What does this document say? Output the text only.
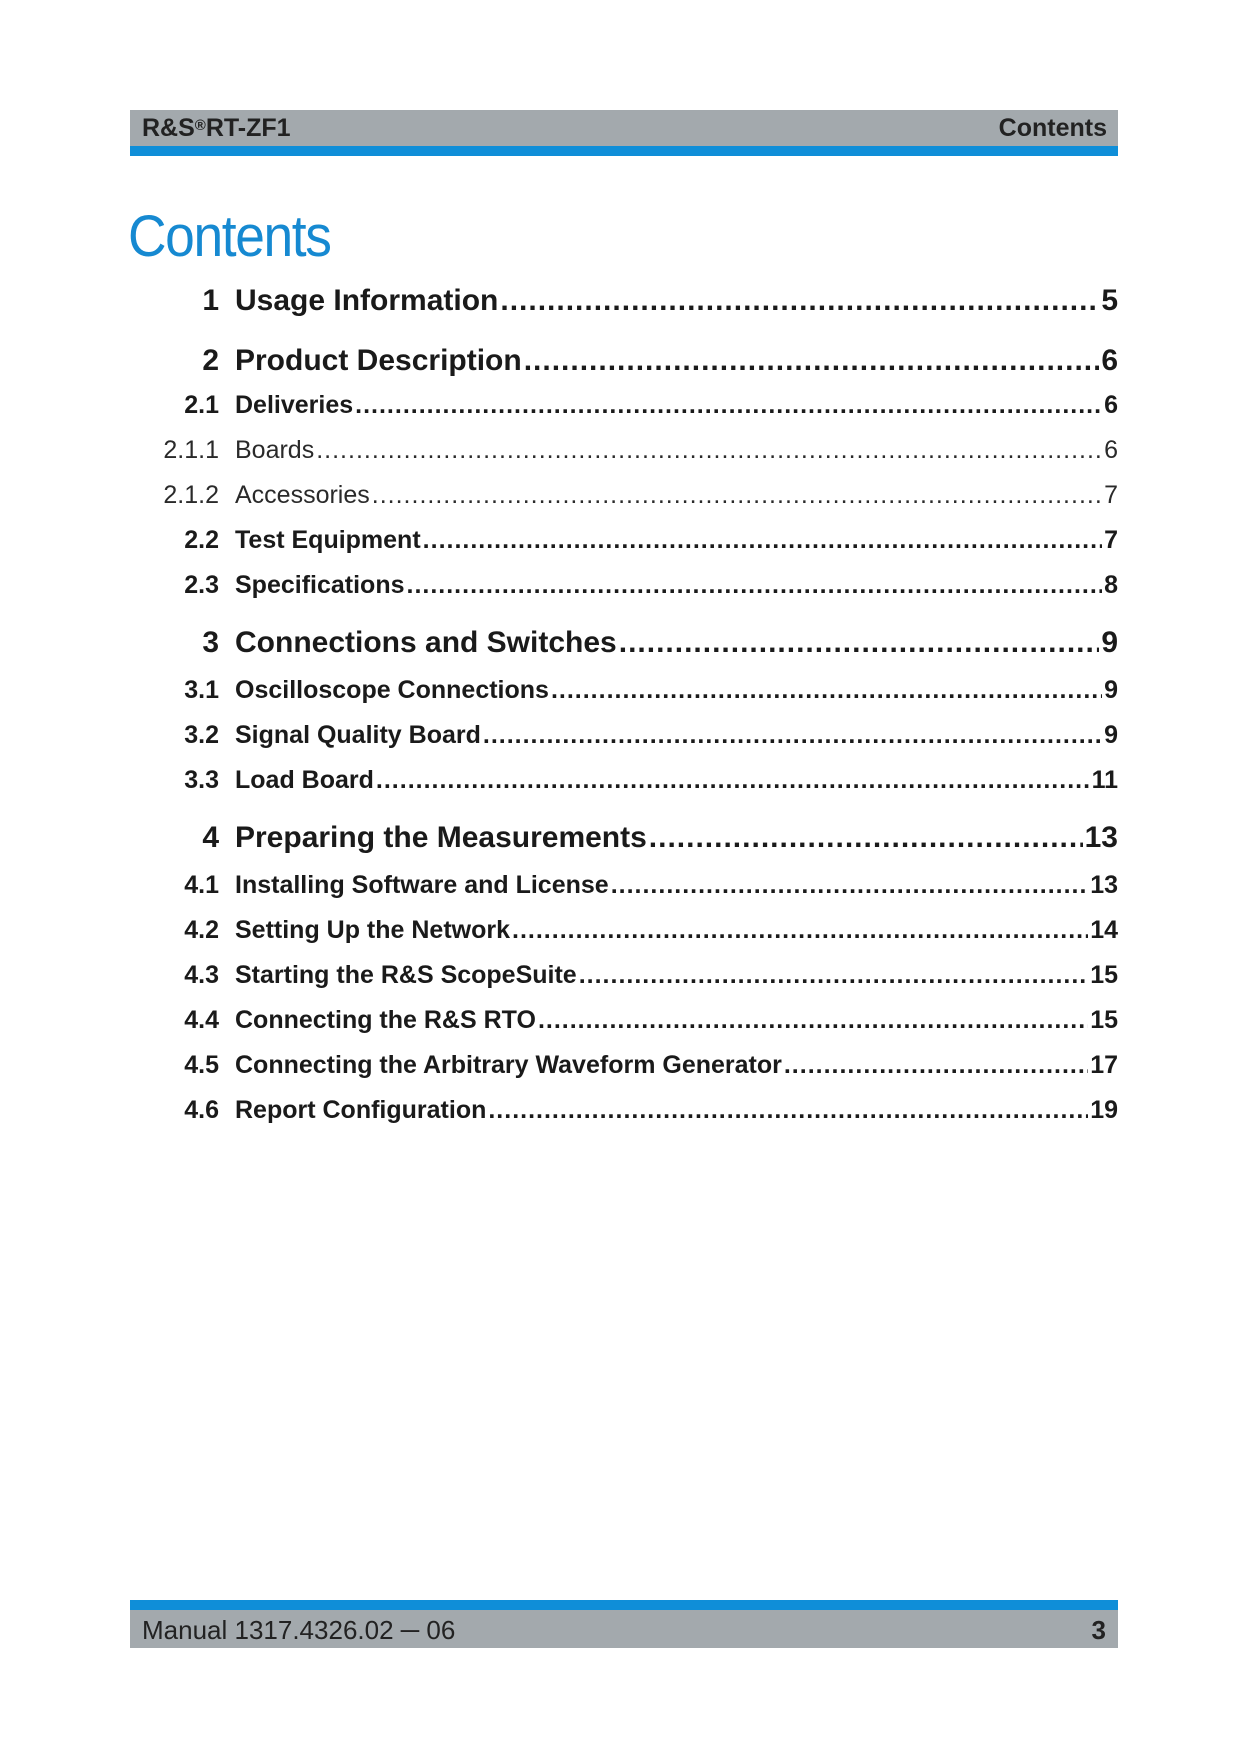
R&S®RT-ZF1	Contents
Contents
1 Usage Information .....	5
2 Product Description .....	6
2.1 Deliveries .....	6
2.1.1 Boards .....	6
2.1.2 Accessories .....	7
2.2 Test Equipment .....	7
2.3 Specifications .....	8
3 Connections and Switches .....	9
3.1 Oscilloscope Connections .....	9
3.2 Signal Quality Board .....	9
3.3 Load Board .....	11
4 Preparing the Measurements .....	13
4.1 Installing Software and License .....	13
4.2 Setting Up the Network .....	14
4.3 Starting the R&S ScopeSuite .....	15
4.4 Connecting the R&S RTO .....	15
4.5 Connecting the Arbitrary Waveform Generator .....	17
4.6 Report Configuration .....	19
Manual 1317.4326.02 ─ 06	3
